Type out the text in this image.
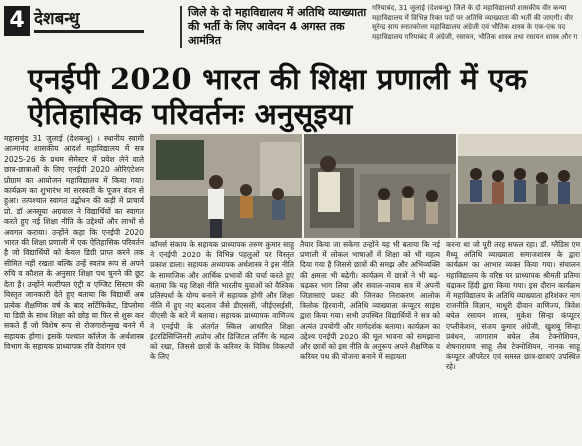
4 देशबन्धु	जिले के दो महाविद्यालय में अतिथि व्याख्याता की भर्ती के लिए आवेदन 4 अगस्त तक आमंत्रित
गरियाबंद, 31 जुलाई (देशबन्धु) जिले के दो महाविद्यालयों शासकीय वीर कन्या महाविद्यालय में विभिन्न रिक्त पदों पर अतिथि व्याख्याता की भर्ती की जाएगी। वीर सुरेन्द्र साय स्नातकोत्तर महाविद्यालय अंग्रेजी एवं भौतिक शास्त्र के एक-एक पद महाविद्यालय गरियाबंद में अंग्रेजी, रसायन, भौतिक शास्त्र तथा रसायन शास्त्र और ग
एनईपी 2020 भारत की शिक्षा प्रणाली में एक ऐतिहासिक परिवर्तनः अनुसूइया
महासमुंद 31 जुलाई (देशबन्धु) । स्थानीय स्वामी आत्मानंद शासकीय आदर्श महाविद्यालय में सत्र 2025-26 के प्रथम सेमेस्टर में प्रवेश लेने वाले छात्र-छात्राओं के लिए एनईपी 2020 ओरिएंटेशन प्रोग्राम का आयोजन महाविद्यालय में किया गया। कार्यक्रम का शुभारंभ मां सरस्वती के पूजन वंदन से हुआ। तत्पश्चात स्वागत उद्बोधन की कड़ी में प्राचार्य प्रो. डॉ अनसूया अग्रवाल ने विद्यार्थियों का स्वागत करते हुए नई शिक्षा नीति के उद्देश्यों और लाभों से अवगत कराया। उन्होंने कहा कि एनईपी 2020 भारत की शिक्षा प्रणाली में एक ऐतिहासिक परिवर्तन है जो विद्यार्थियों को केवल डिग्री प्राप्त करने तक सीमित नहीं रखता बल्कि उन्हें स्वतंत्र रूप से अपने रुचि व कौशल के अनुसार शिक्षा पथ चुनने की छूट देता है। उन्होंने मल्टीपल एंट्री व एग्जिट सिस्टम की विस्तृत जानकारी देते हुए बताया कि विद्यार्थी अब प्रत्येक शैक्षणिक वर्ष के बाद सर्टिफिकेट, डिप्लोमा या डिग्री के साथ शिक्षा को छोड़ या फिर से शुरू कर सकते हैं जो विशेष रूप से रोजगारोन्मुख बनने में सहायक होगा। इसके पश्चात कॉलेज के अर्थशास्त्र विभाग के सहायक प्राध्यापक रवि देवांगन एवं
कॉमर्स संकाय के सहायक प्राध्यापक तरुण कुमार साहू ने एनईपी 2020 के विभिन्न पहलुओं पर विस्तृत प्रकाश डाला। सहायक अध्यापक अर्थशास्त्र ने इस नीति के सामाजिक और आर्थिक प्रभावों की चर्चा करते हुए बताया कि यह शिक्षा नीति भारतीय युवाओं को वैश्विक प्रतिस्पर्धा के योग्य बनाने में सहायक होगी और शिक्षा नीति में हुए नए बदलाव जैसे डीएससी, जीईएसईसी, वीएसी के बारे में बताया। सहायक प्राध्यापक वाणिज्य ने एनईपी के अंतर्गत स्किल आधारित शिक्षा इंटरडिसिप्लिनरी अप्रोच और डिजिटल लर्निंग के महत्व को रखा, जिससे छात्रों के करियर के विविध विकल्पों के लिए
तैयार किया जा सकेगा उन्होंने यह भी बताया कि नई प्रणाली में लोकल भाषाओं में शिक्षा को भी महत्व दिया गया है जिससे छात्रों की समझ और अभिव्यक्ति की क्षमता भी बढ़ेगी। कार्यक्रम में छात्रों ने भी बढ़-चढ़कर भाग लिया और सवाल-जवाब सत्र में अपनी जिज्ञासाएं प्रकट की जिनका निराकरण आलोक त्रिलोक हिरवानी, अतिथि व्याख्याता कंप्यूटर साइंस द्वारा किया गया। सभी उपस्थित विद्यार्थियों ने सत्र को अत्यंत उपयोगी और मार्गदर्शक बताया। कार्यक्रम का उद्देश्य एनईपी 2020 की मूल भावना को समझाना और छात्रों को इस नीति के अनुरूप अपने शैक्षणिक व करियर पथ की योजना बनाने में सहायता
करना था जो पूरी तरह सफल रहा। डॉ. ग्लैडिस एम मैथ्यू अतिथि व्याख्याता समाजशास्त्र के द्वारा कार्यक्रम का आभार व्यक्त किया गया। संचालन महाविद्यालय के वरिष्ठ पर प्राध्यापक श्रीमती प्रतिमा चंद्राकर हिंदी द्वारा किया गया। इस दौरान कार्यक्रम में महाविद्यालय के अतिथि व्याख्याता हरिशंकर नाग राजनीति विज्ञान, माधुरी दीवान वाणिज्य, त्रिवेश बघेल रसायन शास्त्र, मुकेश सिन्हा कंप्यूटर एप्लीकेशन, संजय कुमार अंग्रेजी, खुशबू सिन्हा प्रबंधन, जागाराम बघेल लैब टेक्नोशियन, शेषनारायण साहू लैब टेक्नोशियन, नानक साहू कंप्यूटर ऑपरेटर एवं समस्त छात्र-छात्राएं उपस्थित रहे।
